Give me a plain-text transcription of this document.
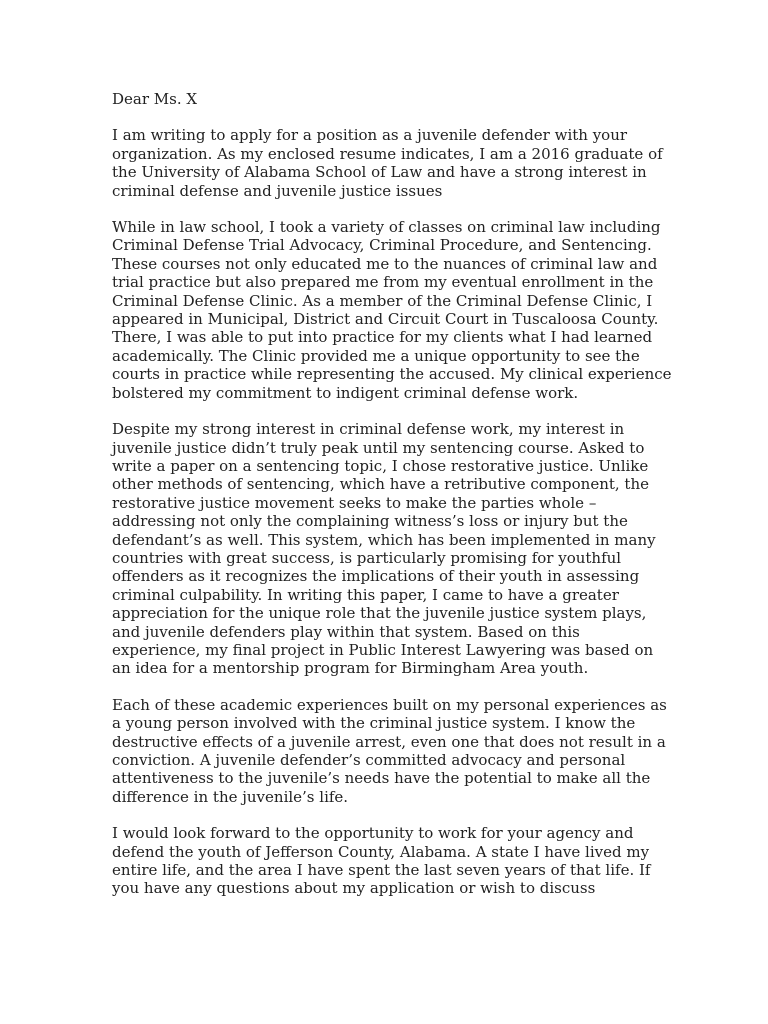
Dear Ms. X

I am writing to apply for a position as a juvenile defender with your organization. As my enclosed resume indicates, I am a 2016 graduate of the University of Alabama School of Law and have a strong interest in criminal defense and juvenile justice issues

While in law school, I took a variety of classes on criminal law including Criminal Defense Trial Advocacy, Criminal Procedure, and Sentencing. These courses not only educated me to the nuances of criminal law and trial practice but also prepared me from my eventual enrollment in the Criminal Defense Clinic. As a member of the Criminal Defense Clinic, I appeared in Municipal, District and Circuit Court in Tuscaloosa County. There, I was able to put into practice for my clients what I had learned academically. The Clinic provided me a unique opportunity to see the courts in practice while representing the accused. My clinical experience bolstered my commitment to indigent criminal defense work.

Despite my strong interest in criminal defense work, my interest in juvenile justice didn’t truly peak until my sentencing course. Asked to write a paper on a sentencing topic, I chose restorative justice. Unlike other methods of sentencing, which have a retributive component, the restorative justice movement seeks to make the parties whole – addressing not only the complaining witness’s loss or injury but the defendant’s as well. This system, which has been implemented in many countries with great success, is particularly promising for youthful offenders as it recognizes the implications of their youth in assessing criminal culpability. In writing this paper, I came to have a greater appreciation for the unique role that the juvenile justice system plays, and juvenile defenders play within that system. Based on this experience, my final project in Public Interest Lawyering was based on an idea for a mentorship program for Birmingham Area youth.

Each of these academic experiences built on my personal experiences as a young person involved with the criminal justice system. I know the destructive effects of a juvenile arrest, even one that does not result in a conviction. A juvenile defender’s committed advocacy and personal attentiveness to the juvenile’s needs have the potential to make all the difference in the juvenile’s life.

I would look forward to the opportunity to work for your agency and defend the youth of Jefferson County, Alabama. A state I have lived my entire life, and the area I have spent the last seven years of that life. If you have any questions about my application or wish to discuss
